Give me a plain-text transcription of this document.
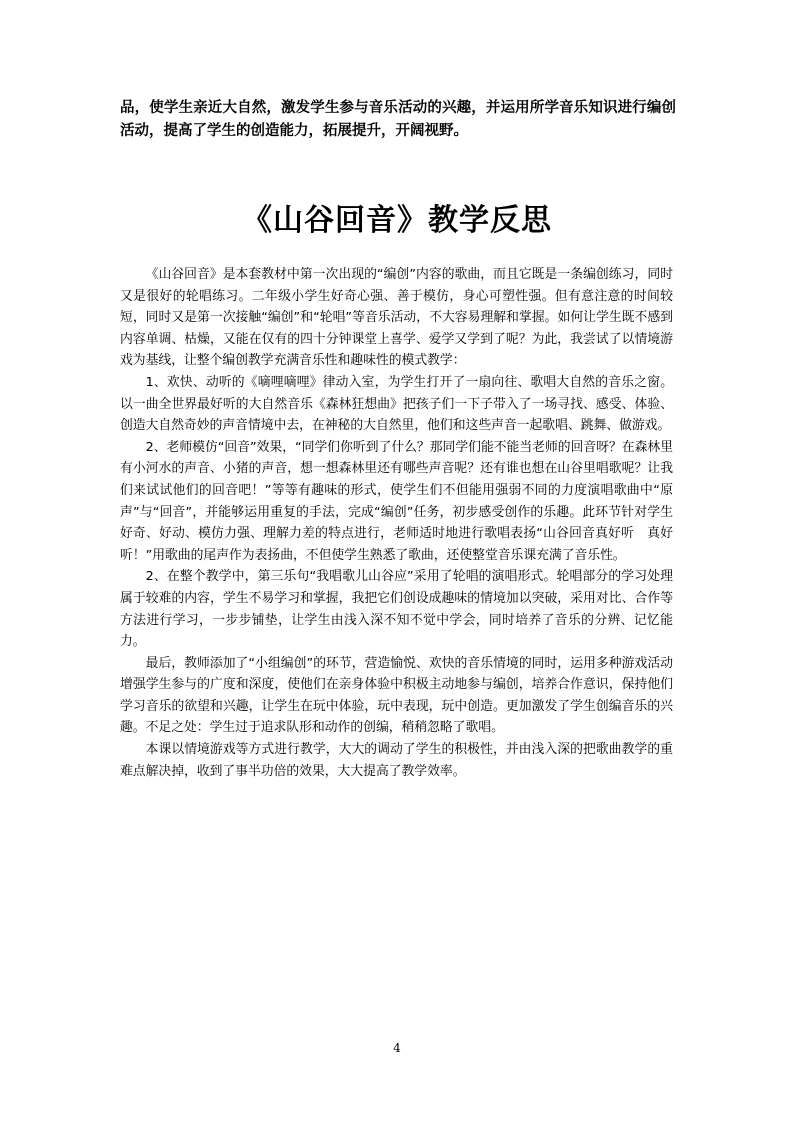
品，使学生亲近大自然，激发学生参与音乐活动的兴趣，并运用所学音乐知识进行编创活动，提高了学生的创造能力，拓展提升，开阔视野。
《山谷回音》教学反思

《山谷回音》是本套教材中第一次出现的“编创”内容的歌曲，而且它既是一条编创练习，同时又是很好的轮唱练习。二年级小学生好奇心强、善于模仿，身心可塑性强。但有意注意的时间较短，同时又是第一次接触“编创”和“轮唱”等音乐活动，不大容易理解和掌握。如何让学生既不感到内容单调、枯燥，又能在仅有的四十分钟课堂上喜学、爱学又学到了呢？为此，我尝试了以情境游戏为基线，让整个编创教学充满音乐性和趣味性的模式教学：

1、欢快、动听的《嘀哩嘀哩》律动入室，为学生打开了一扇向往、歌唱大自然的音乐之窗。以一曲全世界最好听的大自然音乐《森林狂想曲》把孩子们一下子带入了一场寻找、感受、体验、创造大自然奇妙的声音情境中去，在神秘的大自然里，他们和这些声音一起歌唱、跳舞、做游戏。

2、老师模仿“回音”效果，“同学们你听到了什么？那同学们能不能当老师的回音呀？在森林里有小河水的声音、小猪的声音，想一想森林里还有哪些声音呢？还有谁也想在山谷里唱歌呢？让我们来试试他们的回音吧！”等等有趣味的形式，使学生们不但能用强弱不同的力度演唱歌曲中“原声”与“回音”，并能够运用重复的手法，完成“编创”任务，初步感受创作的乐趣。此环节针对学生好奇、好动、模仿力强、理解力差的特点进行，老师适时地进行歌唱表扬“山谷回音真好听　真好听！”用歌曲的尾声作为表扬曲，不但使学生熟悉了歌曲，还使整堂音乐课充满了音乐性。

2、在整个教学中，第三乐句“我唱歌儿山谷应”采用了轮唱的演唱形式。轮唱部分的学习处理属于较难的内容，学生不易学习和掌握，我把它们创设成趣味的情境加以突破，采用对比、合作等方法进行学习，一步步铺垫，让学生由浅入深不知不觉中学会，同时培养了音乐的分辨、记忆能力。

最后，教师添加了“小组编创”的环节，营造愉悦、欢快的音乐情境的同时，运用多种游戏活动增强学生参与的广度和深度，使他们在亲身体验中积极主动地参与编创，培养合作意识，保持他们学习音乐的欲望和兴趣，让学生在玩中体验，玩中表现，玩中创造。更加激发了学生创编音乐的兴趣。不足之处：学生过于追求队形和动作的创编，稍稍忽略了歌唱。

本课以情境游戏等方式进行教学，大大的调动了学生的积极性，并由浅入深的把歌曲教学的重难点解决掉，收到了事半功倍的效果，大大提高了教学效率。

4
